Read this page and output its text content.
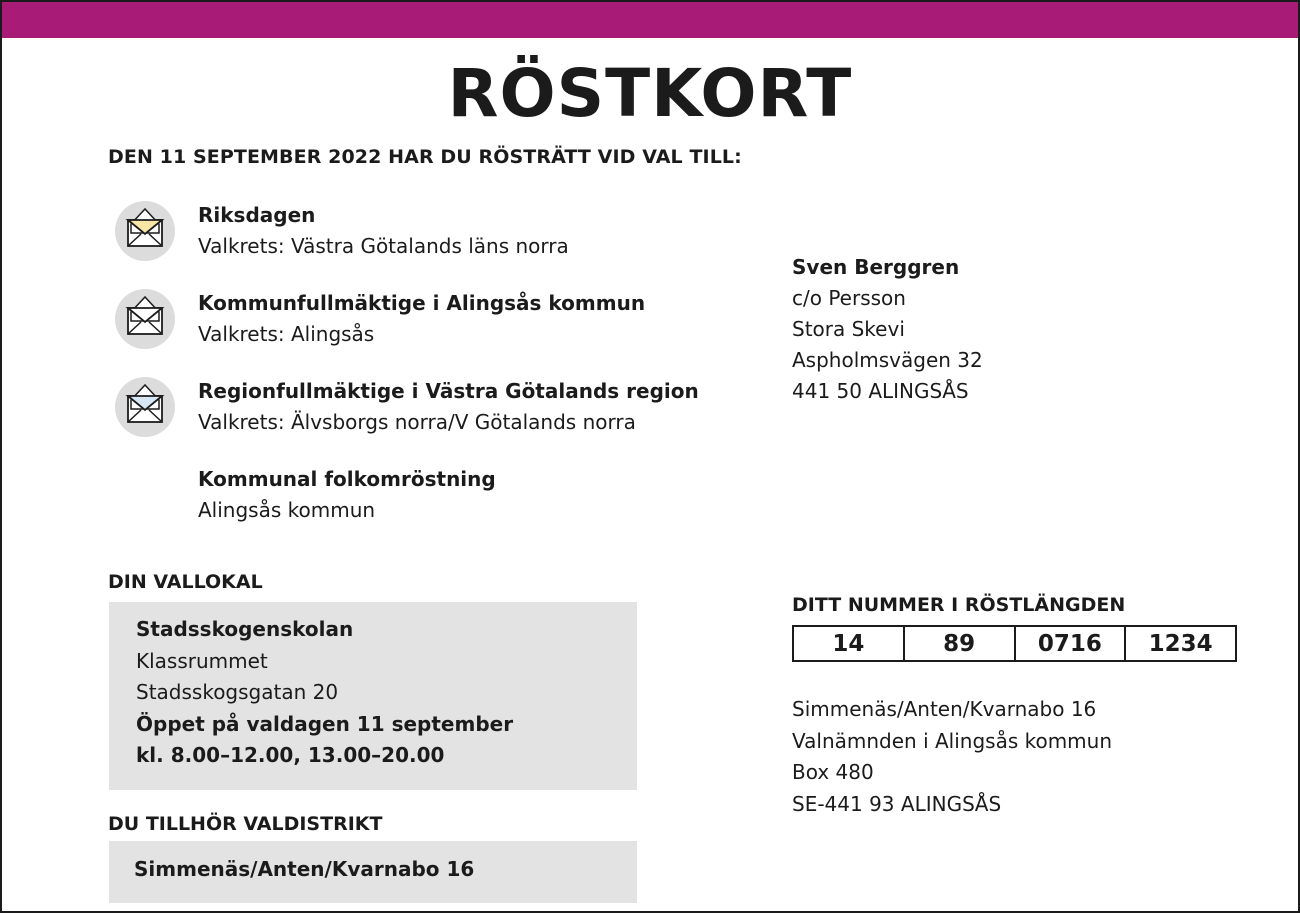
RÖSTKORT
DEN 11 SEPTEMBER 2022 HAR DU RÖSTRÄTT VID VAL TILL:
Riksdagen
Valkrets: Västra Götalands läns norra
Kommunfullmäktige i Alingsås kommun
Valkrets: Alingsås
Regionfullmäktige i Västra Götalands region
Valkrets: Älvsborgs norra/V Götalands norra
Kommunal folkomröstning
Alingsås kommun
Sven Berggren
c/o Persson
Stora Skevi
Aspholmsvägen 32
441 50 ALINGSÅS
DIN VALLOKAL
Stadsskogenskolan
Klassrummet
Stadsskogsgatan 20
Öppet på valdagen 11 september
kl. 8.00–12.00, 13.00–20.00
DU TILLHÖR VALDISTRIKT
Simmenäs/Anten/Kvarnabo 16
DITT NUMMER I RÖSTLÄNGDEN
14	89	0716	1234
Simmenäs/Anten/Kvarnabo 16
Valnämnden i Alingsås kommun
Box 480
SE-441 93 ALINGSÅS
